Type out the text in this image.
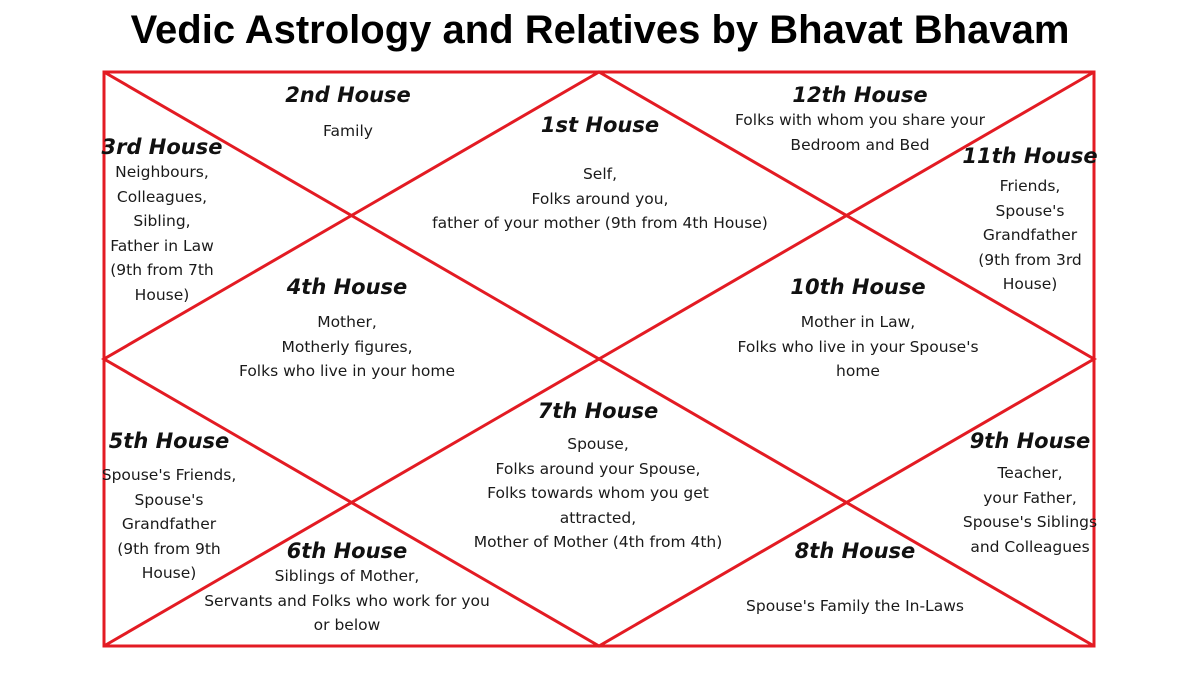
Vedic Astrology and Relatives by Bhavat Bhavam
1st House
Self,
Folks around you,
father of your mother (9th from 4th House)
2nd House
Family
3rd House
Neighbours,
Colleagues,
Sibling,
Father in Law
(9th from 7th
House)	4th House
Mother,
Motherly figures,
Folks who live in your home
5th House
Spouse's Friends,
Spouse's
Grandfather
(9th from 9th
House)
6th House
Siblings of Mother,
Servants and Folks who work for you
or below
7th House
Spouse,
Folks around your Spouse,
Folks towards whom you get
attracted,
Mother of Mother (4th from 4th)	8th House
Spouse's Family the In-Laws
9th House
Teacher,
your Father,
Spouse's Siblings
and Colleagues
10th House
Mother in Law,
Folks who live in your Spouse's
home
11th House
Friends,
Spouse's
Grandfather
(9th from 3rd
House)
12th House
Folks with whom you share your
Bedroom and Bed
